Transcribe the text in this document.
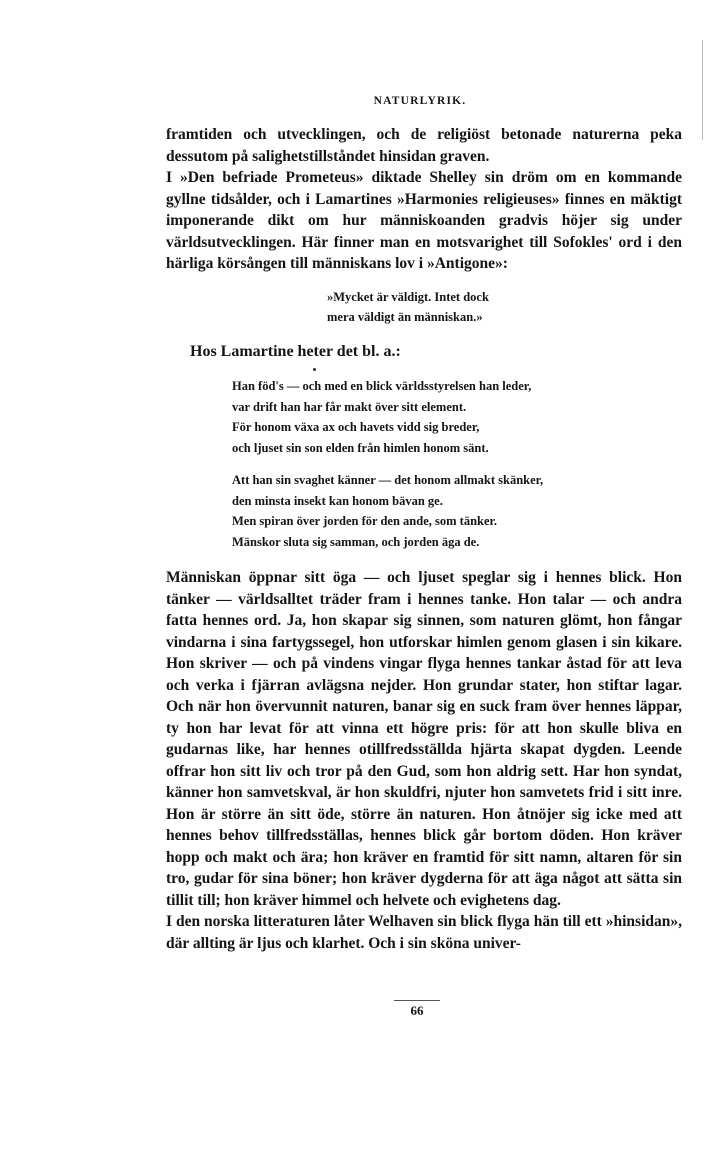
NATURLYRIK.

framtiden och utvecklingen, och de religiöst betonade naturerna peka dessutom på salighetstillståndet hinsidan graven.

I »Den befriade Prometeus» diktade Shelley sin dröm om en kommande gyllne tidsålder, och i Lamartines »Harmonies religieuses» finnes en mäktigt imponerande dikt om hur människoanden gradvis höjer sig under världsutvecklingen. Här finner man en motsvarighet till Sofokles' ord i den härliga körsången till människans lov i »Antigone»:

»Mycket är väldigt. Intet dock
mera väldigt än människan.»
Hos Lamartine heter det bl. a.:
Han föd's — och med en blick världsstyrelsen han leder,
var drift han har får makt över sitt element.
För honom växa ax och havets vidd sig breder,
och ljuset sin son elden från himlen honom sänt.
Att han sin svaghet känner — det honom allmakt skänker,
den minsta insekt kan honom bävan ge.
Men spiran över jorden för den ande, som tänker.
Mänskor sluta sig samman, och jorden äga de.

Människan öppnar sitt öga — och ljuset speglar sig i hennes blick. Hon tänker — världsalltet träder fram i hennes tanke. Hon talar — och andra fatta hennes ord. Ja, hon skapar sig sinnen, som naturen glömt, hon fångar vindarna i sina fartygssegel, hon utforskar himlen genom glasen i sin kikare. Hon skriver — och på vindens vingar flyga hennes tankar åstad för att leva och verka i fjärran avlägsna nejder. Hon grundar stater, hon stiftar lagar. Och när hon övervunnit naturen, banar sig en suck fram över hennes läppar, ty hon har levat för att vinna ett högre pris: för att hon skulle bliva en gudarnas like, har hennes otillfredsställda hjärta skapat dygden. Leende offrar hon sitt liv och tror på den Gud, som hon aldrig sett. Har hon syndat, känner hon samvetskval, är hon skuldfri, njuter hon samvetets frid i sitt inre. Hon är större än sitt öde, större än naturen. Hon åtnöjer sig icke med att hennes behov tillfredsställas, hennes blick går bortom döden. Hon kräver hopp och makt och ära; hon kräver en framtid för sitt namn, altaren för sin tro, gudar för sina böner; hon kräver dygderna för att äga något att sätta sin tillit till; hon kräver himmel och helvete och evighetens dag.

I den norska litteraturen låter Welhaven sin blick flyga hän till ett »hinsidan», där allting är ljus och klarhet. Och i sin sköna univer-

66
